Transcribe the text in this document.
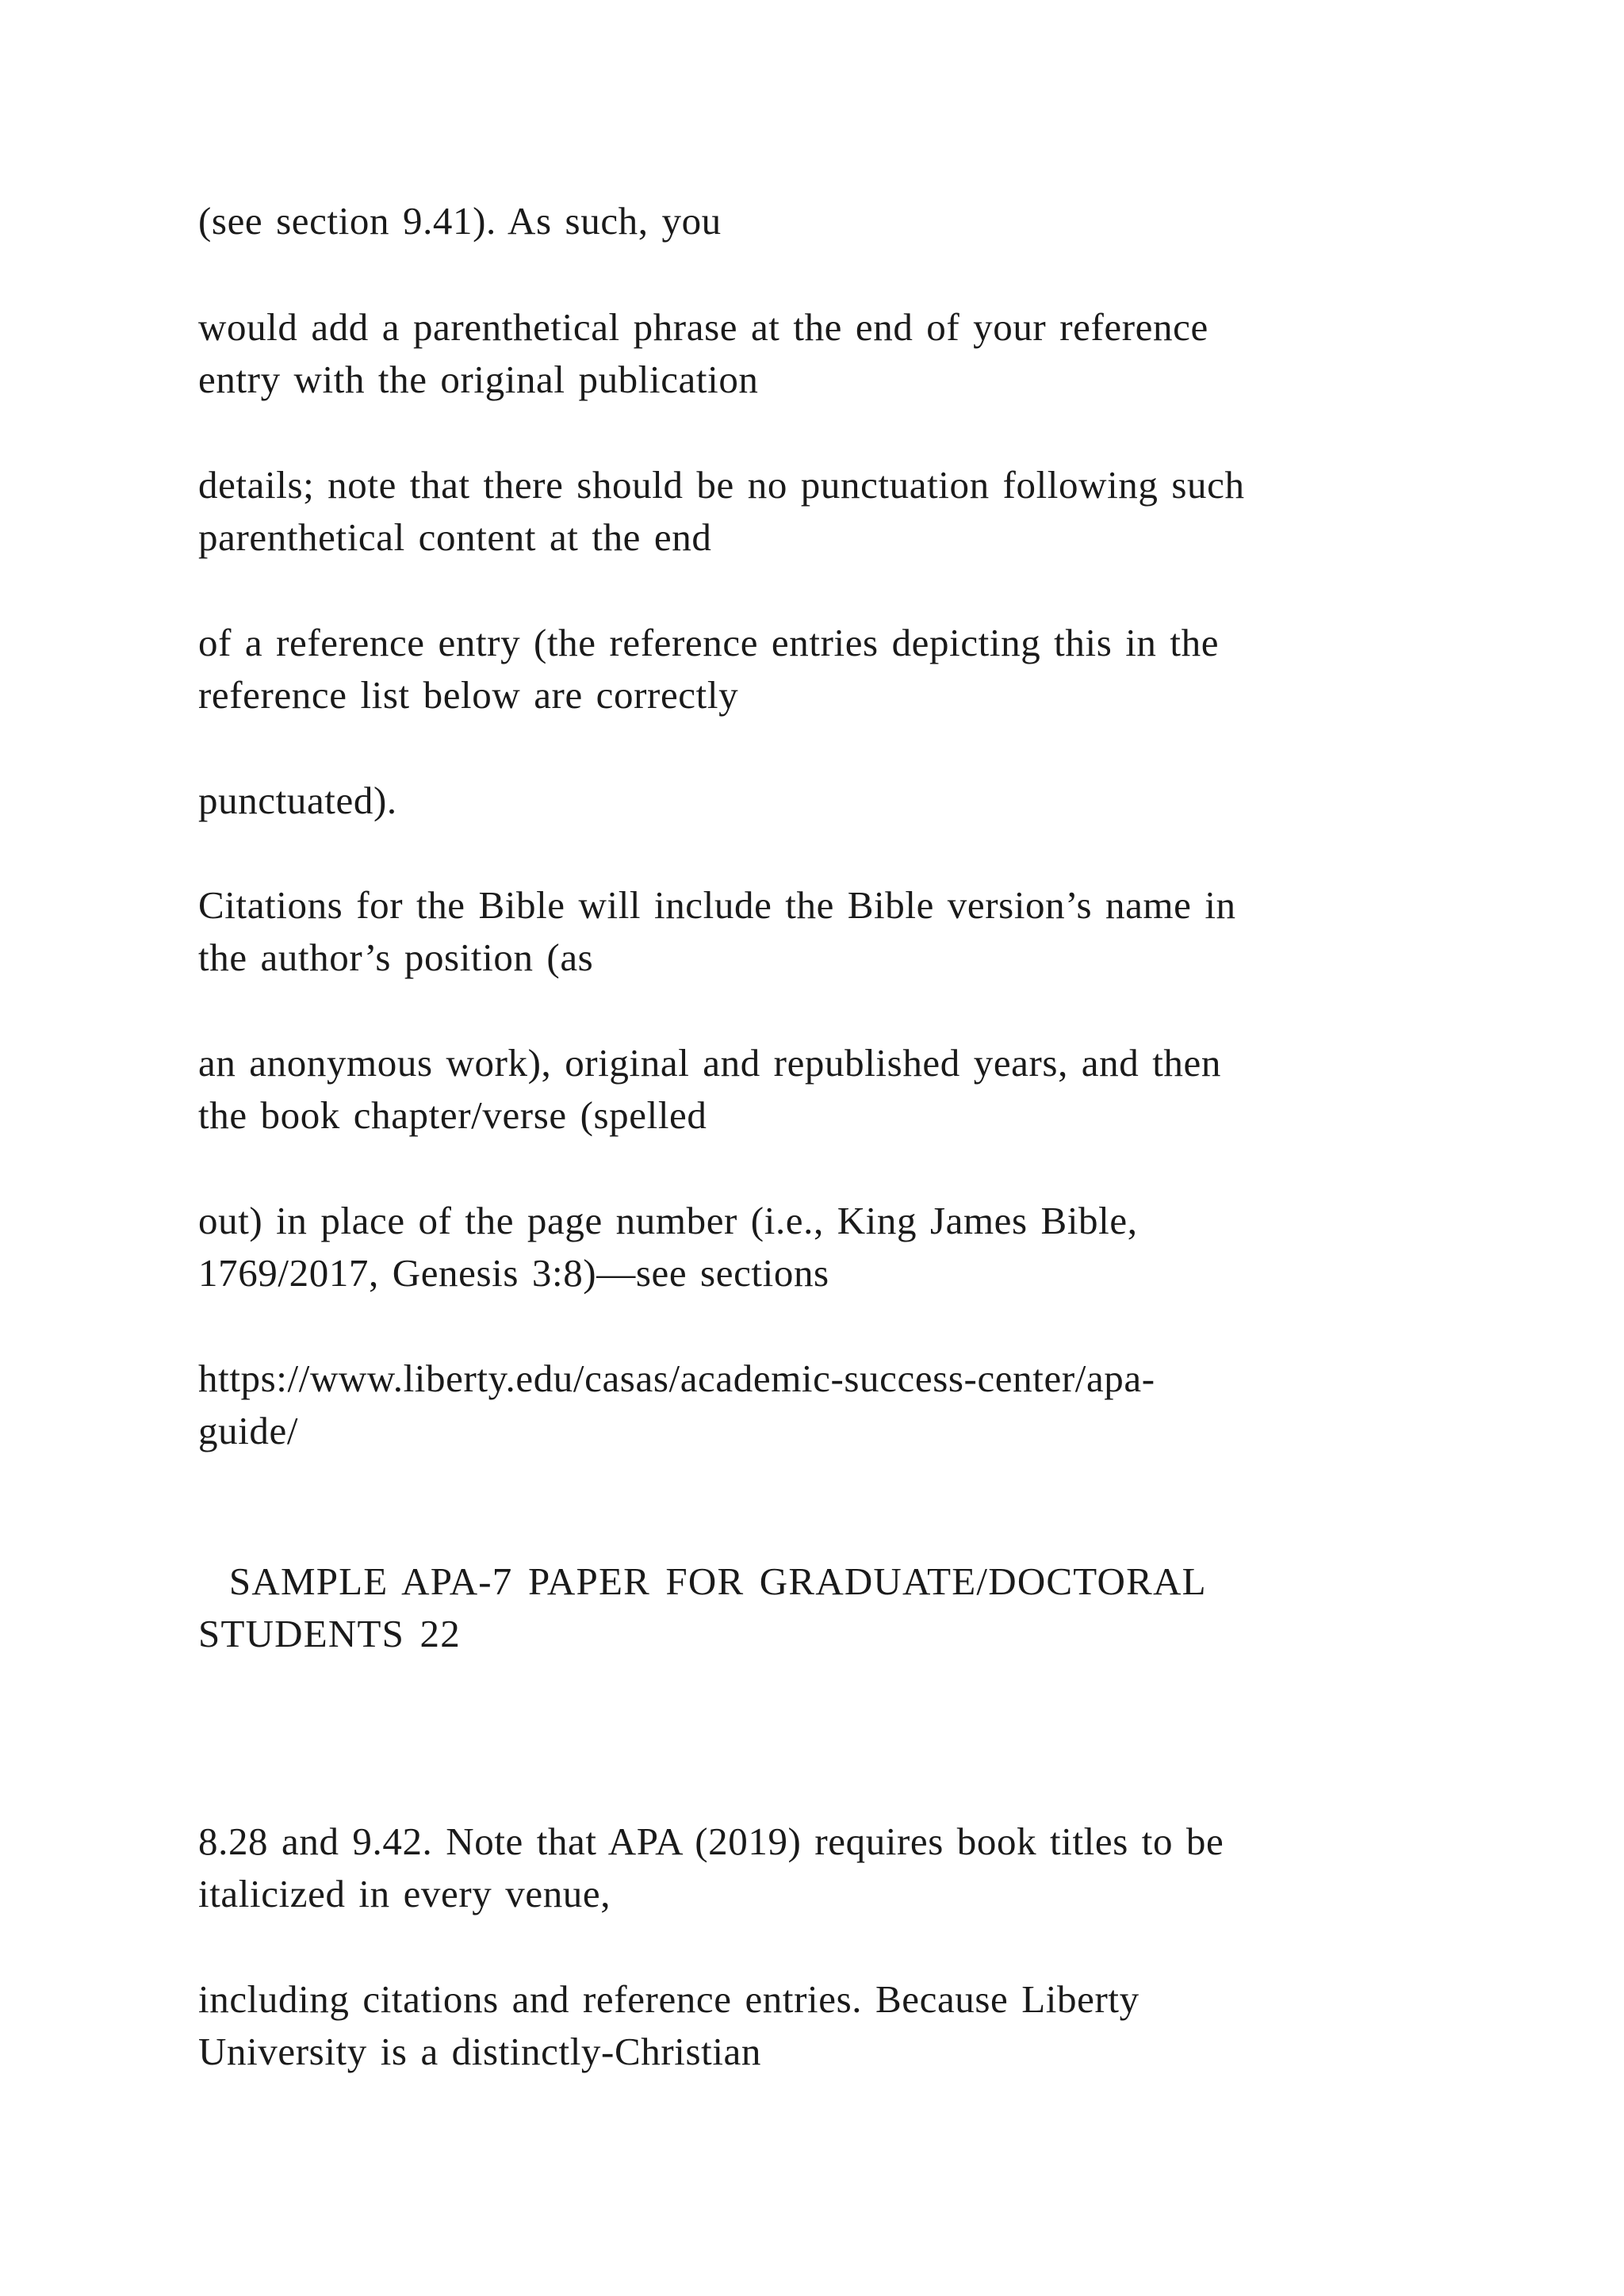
(see section 9.41). As such, you

would add a parenthetical phrase at the end of your reference

entry with the original publication

details; note that there should be no punctuation following such

parenthetical content at the end

of a reference entry (the reference entries depicting this in the

reference list below are correctly

punctuated).

Citations for the Bible will include the Bible version’s name in

the author’s position (as

an anonymous work), original and republished years, and then

the book chapter/verse (spelled

out) in place of the page number (i.e., King James Bible,

1769/2017, Genesis 3:8)—see sections

https://www.liberty.edu/casas/academic-success-center/apa-

guide/

SAMPLE APA-7 PAPER FOR GRADUATE/DOCTORAL

STUDENTS 22

8.28 and 9.42. Note that APA (2019) requires book titles to be

italicized in every venue,

including citations and reference entries. Because Liberty

University is a distinctly-Christian
